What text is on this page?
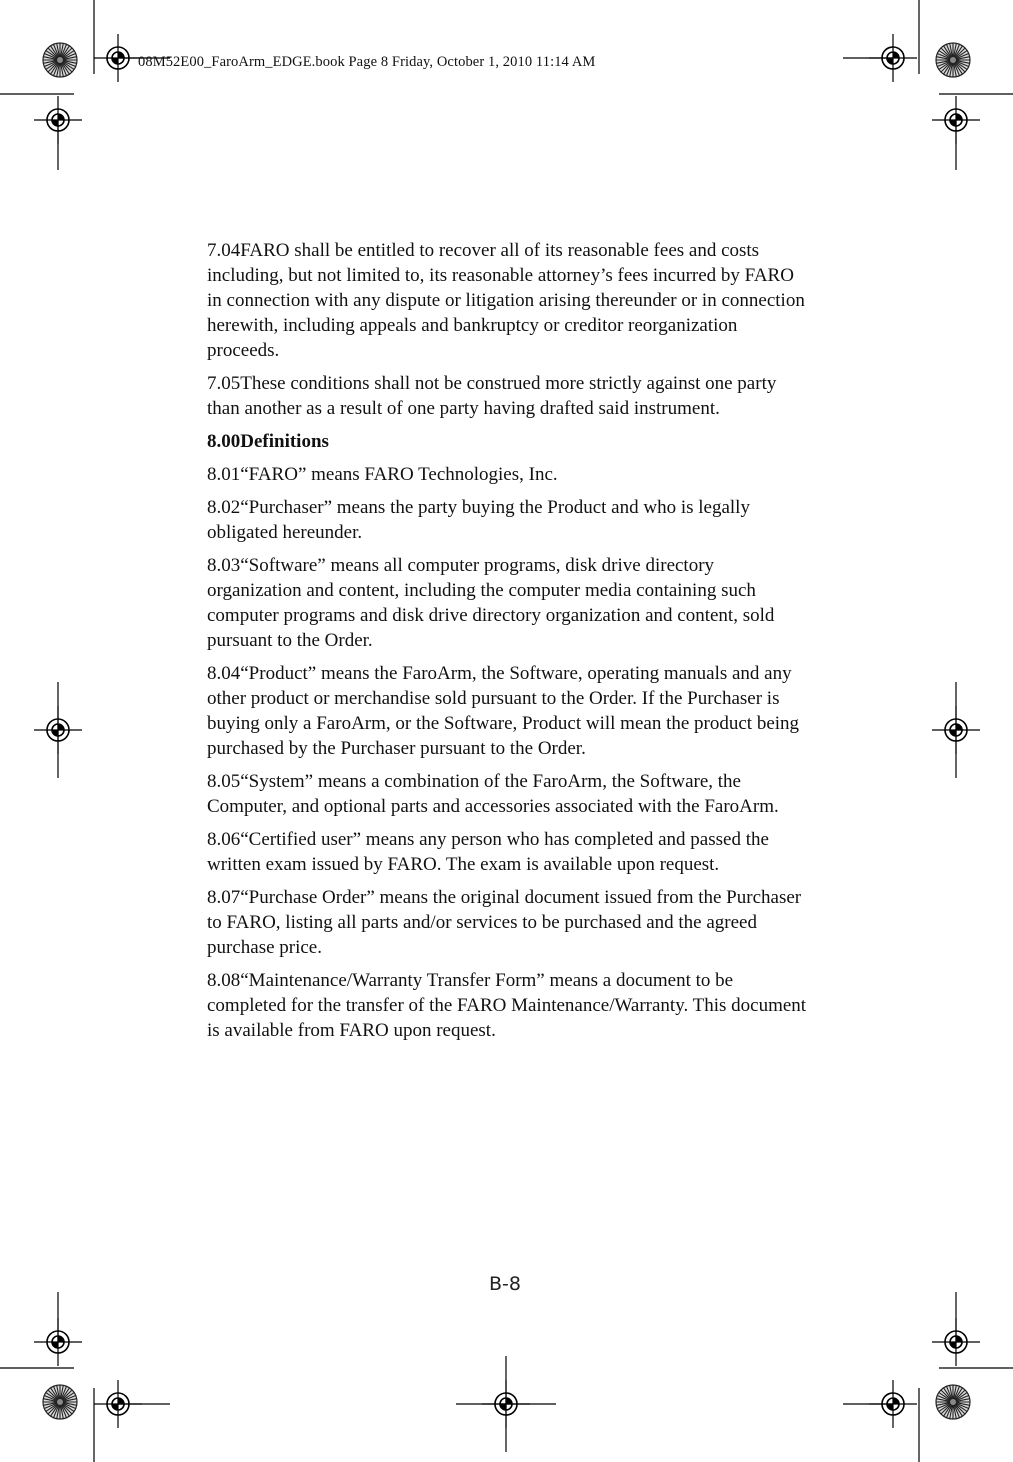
08M52E00_FaroArm_EDGE.book Page 8 Friday, October 1, 2010 11:14 AM

7.04FARO shall be entitled to recover all of its reasonable fees and costs including, but not limited to, its reasonable attorney’s fees incurred by FARO in connection with any dispute or litigation arising thereunder or in connection herewith, including appeals and bankruptcy or creditor reorganization proceeds.

7.05These conditions shall not be construed more strictly against one party than another as a result of one party having drafted said instrument.

8.00Definitions

8.01“FARO” means FARO Technologies, Inc.

8.02“Purchaser” means the party buying the Product and who is legally obligated hereunder.

8.03“Software” means all computer programs, disk drive directory organization and content, including the computer media containing such computer programs and disk drive directory organization and content, sold pursuant to the Order.

8.04“Product” means the FaroArm, the Software, operating manuals and any other product or merchandise sold pursuant to the Order. If the Purchaser is buying only a FaroArm, or the Software, Product will mean the product being purchased by the Purchaser pursuant to the Order.

8.05“System” means a combination of the FaroArm, the Software, the Computer, and optional parts and accessories associated with the FaroArm.

8.06“Certified user” means any person who has completed and passed the written exam issued by FARO. The exam is available upon request.

8.07“Purchase Order” means the original document issued from the Purchaser to FARO, listing all parts and/or services to be purchased and the agreed purchase price.

8.08“Maintenance/Warranty Transfer Form” means a document to be completed for the transfer of the FARO Maintenance/Warranty. This document is available from FARO upon request.

B-8
